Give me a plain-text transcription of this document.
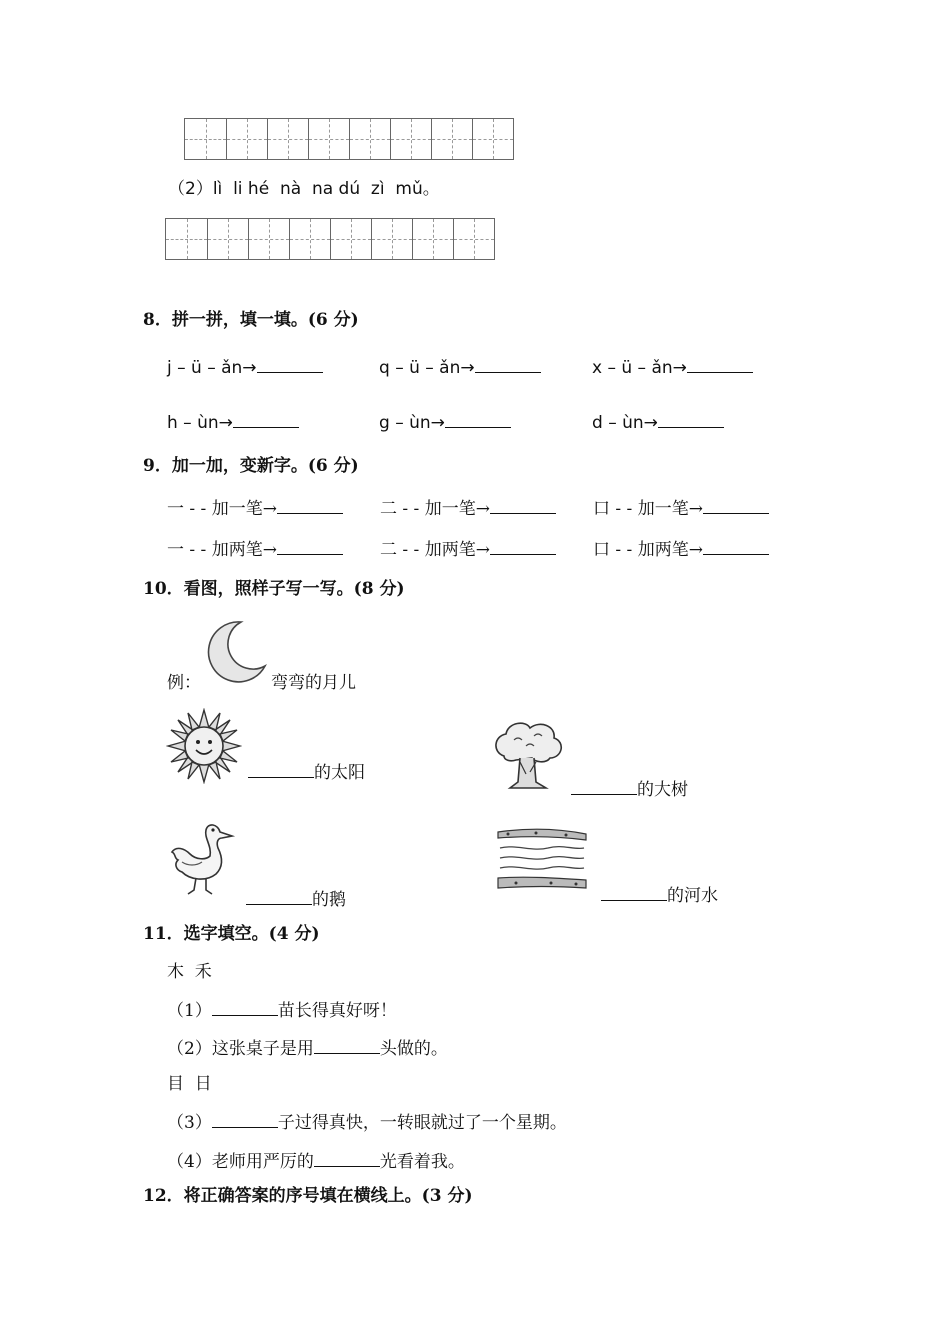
（2）lì  li hé  nà  na dú  zì  mǔ。
8．拼一拼，填一填。(6 分)
j – ü – ǎn→	q – ü – ǎn→	x – ü – ǎn→
h – ùn→	g – ùn→	d – ùn→
9．加一加，变新字。(6 分)
一 - - 加一笔→	二 - - 加一笔→	口 - - 加一笔→
一 - - 加两笔→	二 - - 加两笔→	口 - - 加两笔→
10．看图，照样子写一写。(8 分)
例：	弯弯的月儿
的太阳
的大树
的鹅	的河水
11．选字填空。(4 分)
木  禾
（1）	苗长得真好呀！
（2）这张桌子是用	头做的。
目  日
（3）	子过得真快，一转眼就过了一个星期。
（4）老师用严厉的	光看着我。
12．将正确答案的序号填在横线上。(3 分)
